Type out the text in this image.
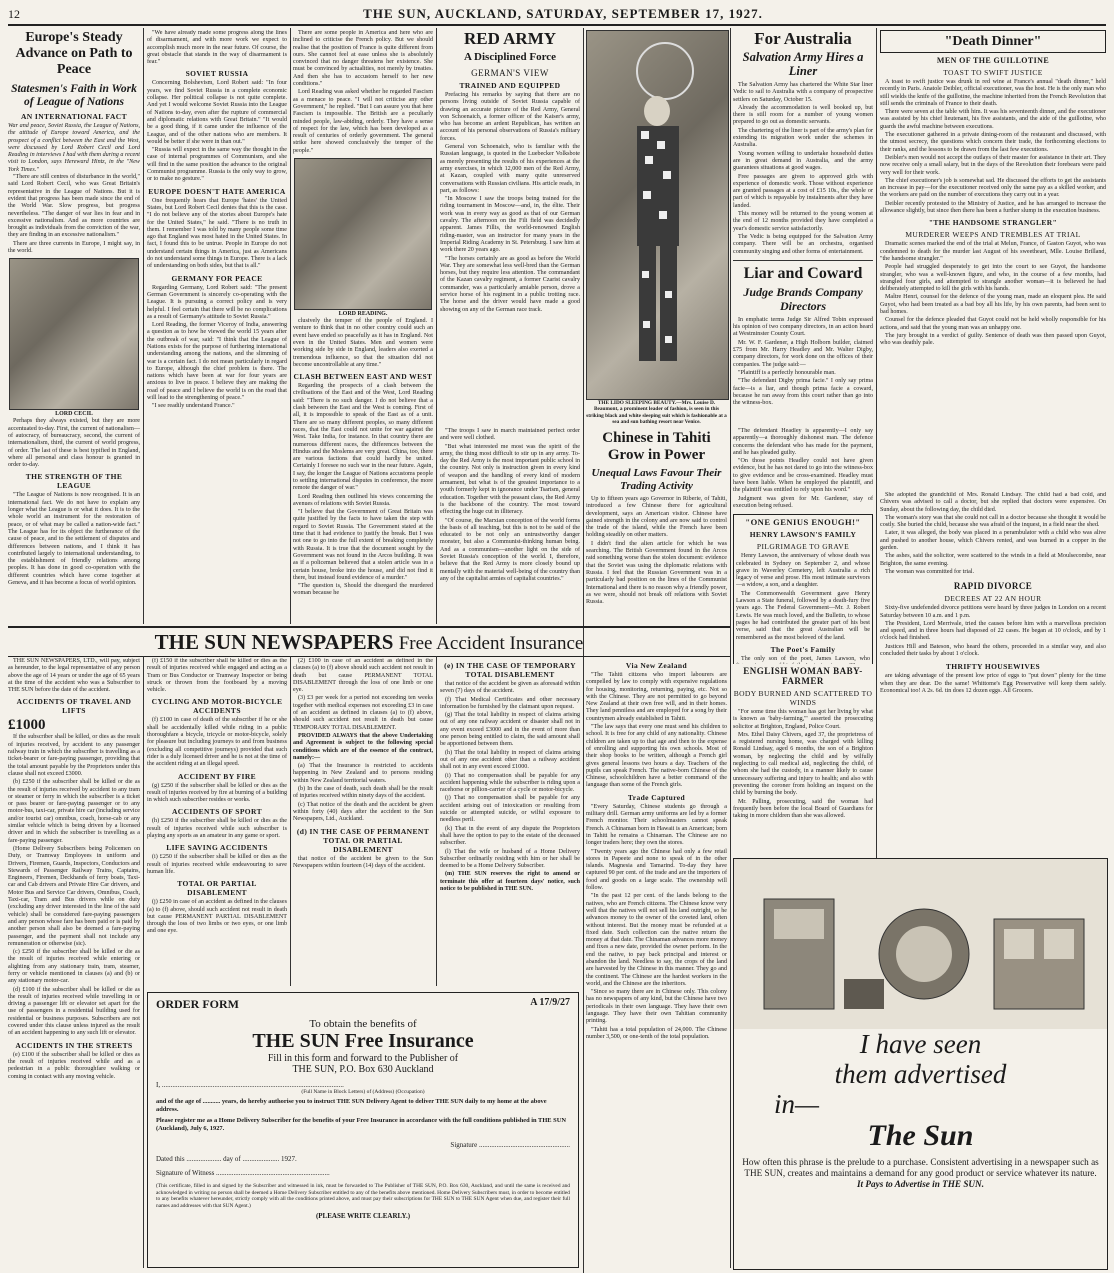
12	THE SUN, AUCKLAND, SATURDAY, SEPTEMBER 17, 1927.
Europe's Steady Advance on Path to Peace
Statesmen's Faith in Work of League of Nations
AN INTERNATIONAL FACT
War and peace, Soviet Russia, the League of Nations, the attitude of Europe toward America, and the prospect of a conflict between the East and the West, were discussed by Lord Robert Cecil and Lord Reading in interviews I had with them during a recent visit to London, says Hereward Hintz, in the "New York Times."

"There are still centres of disturbance in the world," said Lord Robert Cecil, who was Great Britain's representative in the League of Nations. But it is evident that progress has been made since the end of the World War. Slow progress, but progress nevertheless. "The danger of war lies in fear and in excessive nationalism. And as more countries are brought as individuals from the conviction of the war, they are finding in an excessive nationalism."

There are three currents in Europe, I might say, in the world.

LORD CECIL

Perhaps they always existed, but they are more accentuated to-day. First, the current of nationalism—of autocracy, of bureaucracy, second, the current of internationalism, third, the current of world progress, of order. The last of these is best typified in England, where all personal and class honour is granted in order to-day.

THE STRENGTH OF THE LEAGUE

"The League of Nations is now recognised. It is an international fact. We do not have to explain any longer what the League is or what it does. It is to the whole world an instrument for the restoration of peace, or of what may be called a nation-wide fact." The League has for its object the furtherance of the cause of peace, and to the settlement of disputes and differences between nations, and I think it has contributed largely to international understanding, to the establishment of friendly relations among peoples. It has done in good co-operation with the different countries which have come together at Geneva, and it has become a focus of world opinion.

"We have already made some progress along the lines of disarmament, and with more work we expect to accomplish much more in the near future. Of course, the great obstacle that stands in the way of disarmament is fear."

SOVIET RUSSIA

Concerning Bolshevism, Lord Robert said: "In four years, we find Soviet Russia in a complete economic collapse. Her political collapse is not quite complete. And yet I would welcome Soviet Russia into the League of Nations to-day, even after the rupture of commercial and diplomatic relations with Great Britain." "It would be a good thing, if it came under the influence of the League, and of the other nations who are members. It would be better if she were in than out."

"Russia will expect in the same way the thought in the case of internal programmes of Communism, and she will find in the same position the advance to the original Communist programme. Russia is the only way to grow, or to make no gesture."

EUROPE DOESN'T HATE AMERICA

One frequently hears that Europe 'hates' the United States, but Lord Robert Cecil denies that this is the case. "I do not believe any of the stories about Europe's hate for the United States," he said. "There is no truth in them. I remember I was told by many people some time ago that England was most hated in the United States. In fact, I found this to be untrue. People in Europe do not understand certain things in America, just as Americans do not understand some things in Europe. There is a lack of understanding on both sides, but that is all."

GERMANY FOR PEACE

Regarding Germany, Lord Robert said: "The present German Government is sincerely co-operating with the League. It is pursuing a correct policy and is very helpful. I feel certain that there will be no complications as a result of Germany's attitude to Soviet Russia."

Lord Reading, the former Viceroy of India, answering a question as to how he viewed the world 15 years after the outbreak of war, said: "I think that the League of Nations exists for the purpose of furthering international understanding among the nations, and the slimming of war is a certain fact. I do not mean particularly in regard to Europe, although the chief problem is there. The nations which have been at war for four years are anxious to live in peace. I believe they are making the road of peace and I believe the world is on the road that will lead to the strengthening of peace."

"I see readily understand France."

There are some people in America and here who are inclined to criticise the French policy. But we should realise that the position of France is quite different from ours. She cannot feel at ease unless she is absolutely convinced that no danger threatens her existence. She must be convinced by actualities, not merely by treaties. And then she has to accustom herself to her new conditions."

Lord Reading was asked whether he regarded Fascism as a menace to peace. "I will not criticise any other Government," he replied. "But I can assure you that here Fascism is impossible. The British are a peculiarly minded people, law-abiding, orderly. They have a sense of respect for the law, which has been developed as a result of centuries of orderly government. The general strike here showed conclusively the temper of the people."

LORD READING.

clusively the temper of the people of England. I venture to think that in no other country could such an event have ended so peacefully as it has in England. Not even in the United States. Men and women were working side by side in England, leaders also exerted a tremendous influence, so that the situation did not become uncontrollable at any time."

CLASH BETWEEN EAST AND WEST

Regarding the prospects of a clash between the civilisations of the East and of the West, Lord Reading said: "There is no such danger. I do not believe that a clash between the East and the West is coming. First of all, it is impossible to speak of the East as of a unit. There are so many different peoples, so many different races, that the East could not unite for war against the West. Take India, for instance. In that country there are numerous different races, the differences between the Hindus and the Moslems are very great. China, too, there are various factions that could hardly be united. Certainly I foresee no such war in the near future. Again, I say, the longer the League of Nations accustoms people to settling international disputes in conference, the more remote the danger of war."

Lord Reading then outlined his views concerning the avenues of relations with Soviet Russia.

"I believe that the Government of Great Britain was quite justified by the facts to have taken the step with regard to Soviet Russia. The Government stated at the time that it had evidence to justify the break. But I was not one to go into the full extent of breaking completely with Russia. It is true that the document sought by the Government was not found in the Arcos building. It was as if a policeman believed that a stolen article was in a certain house, broke into the house, and did not find it there, but instead found evidence of a murder."

"The question is, Should the disregard the murdered woman because he

RED ARMY
A Disciplined Force
GERMAN'S VIEW
TRAINED AND EQUIPPED

Prefacing his remarks by saying that there are no persons living outside of Soviet Russia capable of drawing an accurate picture of the Red Army, General von Schoenaich, a former officer of the Kaiser's army, who has become an ardent Republican, has written an account of his personal observations of Russia's military forces.

General von Schoenaich, who is familiar with the Russian language, is quoted in the Luebecker Volksbote as merely presenting the results of his experiences at the army exercises, in which 12,000 men of the Red Army, at Kazan, coupled with many quite unreserved conversations with Russian civilians. His article reads, in part, as follows:

"In Moscow I saw the troops being trained for the riding tournament in Moscow—and, in, the élite. Their work was in every way as good as that of our German cavalry. The afternoon on the Fili field was decidedly apparent. James Fillis, the world-renowned English riding-master, was an instructor for many years in the Imperial Riding Academy in St. Petersburg. I saw him at work there 20 years ago.

"The horses certainly are as good as before the World War. They are somewhat less well-bred than the German horses, but they require less attention. The commandant of the Kazan cavalry regiment, a former Czarist cavalry commander, was a particularly amiable person, drove a service horse of his regiment in a public trotting race. The horse and the driver would have made a good showing on any of the German race track.

"The troops I saw in march maintained perfect order and were well clothed.

"But what interested me most was the spirit of the army, the thing most difficult to stir up in any army. To-day the Red Army is the most important public school in the country. Not only is instruction given in every kind of weapon and the handling of every kind of modern armament, but what is of the greatest importance to a youth formerly kept in ignorance under Tsarism, general education. Together with the peasant class, the Red Army is the backbone of the country. The most toward effecting the huge cut in illiteracy.

"Of course, the Marxian conception of the world forms the basis of all teaching, but this is not to be said of the educated to be not only an untrustworthy danger monster, but also a Communist-thinking human being. And as a communism—another light on the side of Soviet Russia's conception of the world. I, therefore, believe that the Red Army is more closely bound up mentally with the material well-being of the country than any of the capitalist armies of capitalist countries."

THE LIDO SLEEPING BEAUTY.—Mrs. Louise D. Beaumont, a prominent leader of fashion, is seen in this striking black and white sleeping suit which is fashionable at a sea and sun bathing resort near Venice.
Chinese in Tahiti Grow in Power
Unequal Laws Favour Their Trading Activity

Up to fifteen years ago Governor in Riberie, of Tahiti, introduced a few Chinese there for agricultural development, says an American visitor. Chinese have gained strength in the colony and are now said to control the trade of the island, while the French have been holding steadily on other matters.

I didn't find the alien article for which he was searching. The British Government found in the Arcos raid something worse than the stolen document: evidence that the Soviet was using the diplomatic relations with Russia. I feel that the Russian Government was in a particularly bad position on the lines of the Communist International and there is no reason why a friendly power, as we were, should not break off relations with Soviet Russia.

THE SUN NEWSPAPERS Free Accident Insurance

THE SUN NEWSPAPERS, LTD., will pay, subject as hereunder, to the legal representative of any person above the age of 14 years or under the age of 65 years at the time of the accident who was a Subscriber to THE SUN before the date of the accident.

ACCIDENTS OF TRAVEL AND LIFTS
£1000

If the subscriber shall be killed, or dies as the result of injuries received, by accident to any passenger railway train in which the subscriber is travelling as a ticket-bearer or fare-paying passenger, providing that the total amount payable by the Proprietors under this clause shall not exceed £3000.

(b) £250 if the subscriber shall be killed or die as the result of injuries received by accident to any tram or steamer or ferry in which the subscriber is a ticket or pass bearer or fare-paying passenger or to any motor-bus, taxi-car, private hire car (including service and/or tourist car) omnibus, coach, horse-cab or any similar vehicle which is being driven by a licensed driver and in which the subscriber is travelling as a fare-paying passenger.

(Home Delivery Subscribers being Policemen on Duty, or Tramway Employees in uniform and Drivers, Firemen, Guards, Inspectors, Conductors and Stewards of Passenger Railway Trains, Captains, Engineers, Firemen, Deckhands of ferry boats, Taxi-car and Cab drivers and Private Hire Car drivers, and Motor Bus and Service Car drivers, Omnibus, Coach, Taxi-car, Tram and Bus drivers while on duty (excluding any driver interested in the line of the said vehicle) shall be considered fare-paying passengers and any person whose fare has been paid or is paid by another person shall also be deemed a fare-paying passenger, and the payment shall not include any remuneration or otherwise (sic).

(c) £250 if the subscriber shall be killed or die as the result of injuries received while entering or alighting from any stationary train, tram, steamer, ferry or vehicle mentioned in clauses (a) and (b) or any stationary motor-car.

(d) £100 if the subscriber shall be killed or die as the result of injuries received while travelling in or driving a passenger lift or elevator set apart for the use of passengers in a residential building used for residential or business purposes. Subscribers are not covered under this clause unless injured as the result of an accident happening to any such lift or elevator.

ACCIDENTS IN THE STREETS

(e) £100 if the subscriber shall be killed or dies as the result of injuries received while and as a pedestrian in a public thoroughfare walking or coming in contact with any moving vehicle.

(f) £150 if the subscriber shall be killed or dies as the result of injuries received while engaged and acting as a Tram or Bus Conductor or Tramway Inspector or being struck or thrown from the footboard by a moving vehicle.

CYCLING AND MOTOR-BICYCLE ACCIDENTS

(f) £100 in case of death of the subscriber if he or she shall be accidentally killed while riding in a public thoroughfare a bicycle, tricycle or motor-bicycle, solely for pleasure but including journeys to and from business (excluding all competitive journeys) provided that such rider is a duly licensed driver and he is not at the time of the accident riding at an illegal speed.

ACCIDENT BY FIRE

(g) £250 if the subscriber shall be killed or dies as the result of injuries received by fire at burning of a building in which such subscriber resides or works.

ACCIDENTS OF SPORT

(h) £250 if the subscriber shall be killed or dies as the result of injuries received while such subscriber is playing any sports as an amateur in any game or sport.

LIFE SAVING ACCIDENTS

(i) £250 if the subscriber shall be killed or dies as the result of injuries received while endeavouring to save human life.

TOTAL OR PARTIAL DISABLEMENT

(j) £250 in case of an accident as defined in the clauses (a) to (f) above, should such accident not result in death but cause PERMANENT PARTIAL DISABLEMENT through the loss of two limbs or two eyes, or one limb and one eye.

(2) £100 in case of an accident as defined in the clauses (a) to (f) above should such accident not result in death but cause PERMANENT TOTAL DISABLEMENT through the loss of one limb or one eye.

(3) £3 per week for a period not exceeding ten weeks together with medical expenses not exceeding £3 in case of an accident as defined in clauses (a) to (f) above, should such accident not result in death but cause TEMPORARY TOTAL DISABLEMENT.

PROVIDED ALWAYS that the above Undertaking and Agreement is subject to the following special conditions which are of the essence of the contract, namely:—

(a) That the Insurance is restricted to accidents happening in New Zealand and to persons residing within New Zealand territorial waters.

(b) In the case of death, such death shall be the result of injuries received within ninety days of the accident.

(c) That notice of the death and the accident be given within forty (40) days after the accident to the Sun Newspapers, Ltd., Auckland.

(d) IN THE CASE OF PERMANENT TOTAL OR PARTIAL DISABLEMENT

that notice of the accident be given to the Sun Newspapers within fourteen (14) days of the accident.

(e) IN THE CASE OF TEMPORARY TOTAL DISABLEMENT

that notice of the accident be given as aforesaid within seven (7) days of the accident.

(f) That Medical Certificates and other necessary information be furnished by the claimant upon request.

(g) That the total liability in respect of claims arising out of any one railway accident or disaster shall not in any event exceed £3000 and in the event of more than one person being entitled to claim, the said amount shall be apportioned between them.

(h) That the total liability in respect of claims arising out of any one accident other than a railway accident shall not in any event exceed £1000.

(i) That no compensation shall be payable for any accident happening while the subscriber is riding upon a racehorse or pillion-carrier of a cycle or motor-bicycle.

(j) That no compensation shall be payable for any accident arising out of intoxication or resulting from suicide or attempted suicide, or wilful exposure to needless peril.

(k) That in the event of any dispute the Proprietors shall have the option to pay to the estate of the deceased subscriber.

(l) That the wife or husband of a Home Delivery Subscriber ordinarily residing with him or her shall be deemed to be a Home Delivery Subscriber.

(m) THE SUN reserves the right to amend or terminate this offer at fourteen days' notice, such notice to be published in THE SUN.

ORDER FORM	A 17/9/27
To obtain the benefits of
THE SUN Free Insurance
Fill in this form and forward to the Publisher of
THE SUN, P.O. Box 630 Auckland
I, ........................................................................................................
(Full Name in Block Letters) of (Address) (Occupation)
and of the age of ........... years, do hereby authorise you to instruct THE SUN Delivery Agent to deliver THE SUN daily to my home at the above address.
Please register me as a Home Delivery Subscriber for the benefits of your Free Insurance in accordance with the full conditions published in THE SUN (Auckland), July 6, 1927.
Signature ....................................................
Dated this .................... day of ..................... 1927.
Signature of Witness .................................................................
(This certificate, filled in and signed by the Subscriber and witnessed in ink, must be forwarded to The Publisher of THE SUN, P.O. Box 630, Auckland, and until the same is received and acknowledged in writing no person shall be deemed a Home Delivery Subscriber entitled to any of the benefits above mentioned. Home Delivery Subscribers must, in order to become entitled to any benefits whatever hereunder, strictly comply with all the conditions printed above, and must pay their subscriptions for THE SUN to THE SUN Agent when due, and register their full names and addresses with that SUN Agent.)
(PLEASE WRITE CLEARLY.)
Via New Zealand

"The Tahiti citizens who import labourers are compelled by law to comply with expensive regulations for housing, monitoring, returning, paying, etc. Not so with the Chinese. They are not permitted to go beyond New Zealand at their own free will, and in their homes. They land penniless and are employed for a song by their countrymen already established in Tahiti.

"The law says that every one must send his children to school. It is free for any child of any nationality. Chinese children are taken up to that age and then to the expense of enrolling and supporting his own schools. Most of their shop books to be written, although a French girl gives general lessons two hours a day. Teachers of the pupils can speak French. The native-born Chinese of the Chinese, schoolchildren have a better command of the language than some of the French girls.

Trade Captured

"Every Saturday, Chinese students go through a military drill. German army uniforms are led by a former French monitor. Their schoolmasters cannot speak French. A Chinaman born in Hawaii is an American; born in Tahiti he remains a Chinaman. The Chinese are no longer traders here; they own the stores.

"Twenty years ago the Chinese had only a few retail stores in Papeete and none to speak of in the other islands. Magnesia and Tamarind. To-day they have captured 90 per cent. of the trade and are the importers of food and goods on a large scale. The ownership will follow.

"In the past 12 per cent. of the lands belong to the natives, who are French citizens. The Chinese know very well that the natives will not sell his land outright, so he advances money to the owner of the coveted land, often without interest. But the money must be refunded at a fixed date. Such collection can the native return the money at that date. The Chinaman advances more money and fixes a new date, provided the owner perform. In the end the native, to pay back principal and interest or abandon the land. Needless to say, the crops of the land are harvested by the Chinese in this manner. They go and the continent. The Chinese are the hardest workers in the world, and the Chinese are the inheritors.

"Since so many there are in Chinese only. This colony has no newspapers of any kind, but the Chinese have two periodicals in their own language. They have their own language. They have their own Tahitian community printing.

"Tahiti has a total population of 24,000. The Chinese number 3,500, or one-tenth of the total population.

For Australia
Salvation Army Hires a Liner

The Salvation Army has chartered the White Star liner Vedic to sail to Australia with a company of prospective settlers on Saturday, October 15.

Already the accommodation is well booked up, but there is still room for a number of young women prepared to go out as domestic servants.

The chartering of the liner is part of the army's plan for extending its migration work under the schemes in Australia.

Young women willing to undertake household duties are in great demand in Australia, and the army guarantees situations at good wages.

Free passages are given to approved girls with experience of domestic work. Those without experience are granted passages at a cost of £15 10s., the whole or part of which is repayable by instalments after they have landed.

This money will be returned to the young women at the end of 12 months provided they have completed a year's domestic service satisfactorily.

The Vedic is being equipped for the Salvation Army company. There will be an orchestra, organised community singing and other forms of entertainment.

Liar and Coward
Judge Brands Company Directors

In emphatic terms Judge Sir Alfred Tobin expressed his opinion of two company directors, in an action heard at Westminster County Court.

Mr. W. F. Gardener, a High Holborn builder, claimed £75 from Mr. Harry Headley and Mr. Walter Digby, company directors, for work done on the offices of their companies. The judge said:—

"Plaintiff is a perfectly honourable man.

"The defendant Digby prima facie." I only say prima facie—is a liar, and though prima facie a coward, because he ran away from this court rather than go into the witness-box.

"The defendant Headley is apparently—I only say apparently—a thoroughly dishonest man. The defence concerns the defendant who has made for the payment, and he has pleaded guilty.

"On those points Headley could not have given evidence, but he has not dared to go into the witness-box to give evidence and be cross-examined. Headley must have been liable. When he employed the plaintiff, and the plaintiff was entitled to rely upon his word."

Judgment was given for Mr. Gardener, stay of execution being refused.

"ONE GENIUS ENOUGH!"
HENRY LAWSON'S FAMILY
PILGRIMAGE TO GRAVE

Henry Lawson, the anniversary of whose death was celebrated in Sydney on September 2, and whose grave in Waverley Cemetery, left Australia a rich legacy of verse and prose. His most intimate survivors—a widow, a son, and a daughter.

The Commonwealth Government gave Henry Lawson a State funeral, followed by a death-fury five years ago. The Federal Government—Mr. J. Robert Lewis. He was much loved, and the Bulletin, to whose pages he had contributed the greater part of his best verse, said that the great Australian will be remembered as the most beloved of the land.

The Poet's Family

The only son of the poet, James Lawson, who

"Death Dinner"
MEN OF THE GUILLOTINE
TOAST TO SWIFT JUSTICE

A toast to swift justice was drunk in red wine at France's annual "death dinner," held recently in Paris. Anatole Deibler, official executioner, was the host. He is the only man who still wields the knife of the guillotine, the machine inherited from the French Revolution that still sends the criminals of France to their death.

There were seven at the table with him. It was his seventeenth dinner, and the executioner was assisted by his chief lieutenant, his five assistants, and the aide of the guillotine, who guards the awful machine between executions.

The executioner gathered in a private dining-room of the restaurant and discussed, with the utmost secrecy, the questions which concern their trade, the forthcoming elections to their ranks, and the lessons to be drawn from the last few executions.

Deibler's men would not accept the outlays of their master for assistance in their art. They now receive only a small salary, but in the days of the Revolution their forebears were paid very well for their work.

The chief executioner's job is somewhat sad. He discussed the efforts to get the assistants an increase in pay—for the executioner received only the same pay as a skilled worker, and the workers are paid on the number of executions they carry out in a year.

Deibler recently protested to the Ministry of Justice, and he has arranged to increase the allowance slightly, but since then there has been a further slump in the execution business.

"THE HANDSOME STRANGLER"
MURDERER WEEPS AND TREMBLES AT TRIAL

Dramatic scenes marked the end of the trial at Melun, France, of Gaston Guyot, who was condemned to death for the murder last August of his sweetheart, Mlle. Louise Brilland, "the handsome strangler."

People had struggled desperately to get into the court to see Guyot, the handsome strangler, who was a well-known figure, and who, in the course of a few months, had strangled four girls, and attempted to strangle another woman—it is believed he had deliberately attempted to kill the girls with his hands.

Maître Henri, counsel for the defence of the young man, made an eloquent plea. He said Guyot, who had been treated as a bad boy all his life, by his own parents, had been sent to bad homes.

Counsel for the defence pleaded that Guyot could not be held wholly responsible for his actions, and said that the young man was an unhappy one.

The jury brought in a verdict of guilty. Sentence of death was then passed upon Guyot, who was deathly pale.

ENGLISH WOMAN BABY-FARMER
BODY BURNED AND SCATTERED TO WINDS

"For some time this woman has got her living by what is known as 'baby-farming,'" asserted the prosecuting solicitor at Brighton, England, Police Court.

Mrs. Ethel Daisy Chivers, aged 37, the proprietress of a registered nursing home, was charged with killing Ronald Lindsay, aged 6 months, the son of a Brighton woman, by neglecting the child and by wilfully neglecting to call medical aid, neglecting the child, of whom she had the custody, in a manner likely to cause unnecessary suffering and injury to health; and also with preventing the coroner from holding an inquest on the child by burning the body.

Mr. Palling, prosecuting, said the woman had frequently been before the local Board of Guardians for taking in more children than she was allowed.

She adopted the grandchild of Mrs. Ronald Lindsay. The child had a bad cold, and Chivers was advised to call a doctor, but she replied that doctors were expensive. On Sunday, about the following day, the child died.

The woman's story was that she could not call in a doctor because she thought it would be costly. She buried the child, because she was afraid of the inquest, in a field near the shed.

Later, it was alleged, the body was placed in a perambulator with a child who was alive and pushed to another house, which Chivers rented, and was burned in a copper in the garden.

The ashes, said the solicitor, were scattered to the winds in a field at Moulsecombe, near Brighton, the same evening.

The woman was committed for trial.

RAPID DIVORCE
DECREES AT 22 AN HOUR

Sixty-five undefended divorce petitions were heard by three judges in London on a recent Saturday between 10 a.m. and 1 p.m.

The President, Lord Merrivale, tried the causes before him with a marvellous precision and speed, and in three hours had disposed of 22 cases. He began at 10 o'clock, and by 1 o'clock had finished.

Justices Hill and Bateson, who heard the others, proceeded in a similar way, and also concluded their tasks by about 1 o'clock.

THRIFTY HOUSEWIVES

are taking advantage of the present low price of eggs to "put down" plenty for the time when they are dear. Do the same! Whittome's Egg Preservative will keep them safely. Economical too! A 2s. 6d. tin does 12 dozen eggs. All Grocers.

I have seen
them advertised
in—
The Sun
How often this phrase is the prelude to a purchase. Consistent advertising in a newspaper such as THE SUN, creates and maintains a demand for any good product or service whatever its nature. It Pays to Advertise in THE SUN.
